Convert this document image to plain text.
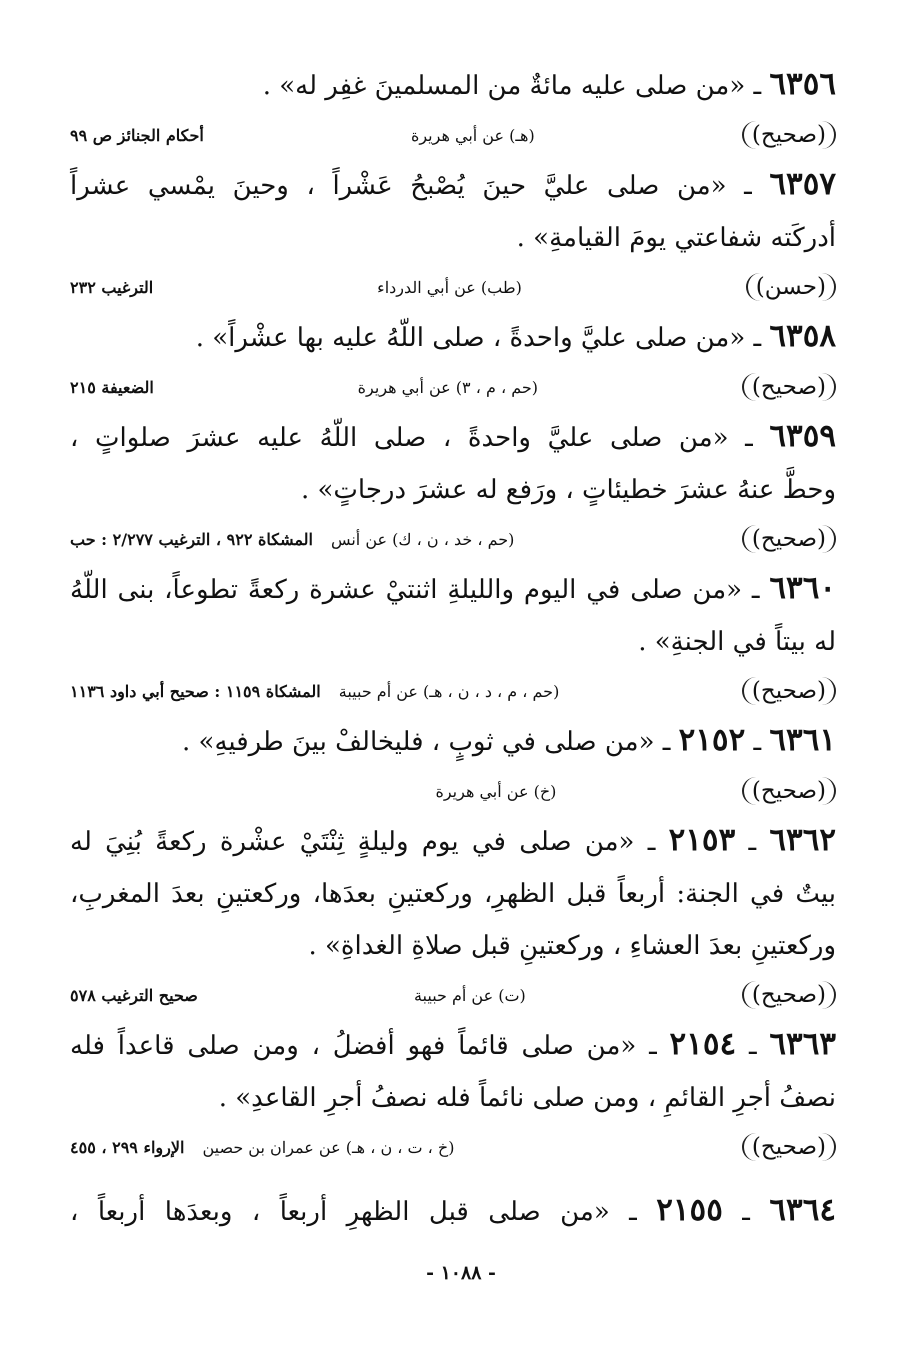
٦٣٥٦ ـ «من صلى عليه مائةٌ من المسلمينَ غفِر له» .
(صحيح)
(هـ) عن أبي هريرة
أحكام الجنائز ص ٩٩
٦٣٥٧ ـ «من صلى عليَّ حينَ يُصْبحُ عَشْراً ، وحينَ يمْسي عشراً
أدركَته شفاعتي يومَ القيامةِ» .
(حسن)
(طب) عن أبي الدرداء
الترغيب ٢٣٢
٦٣٥٨ ـ «من صلى عليَّ واحدةً ، صلى اللّهُ عليه بها عشْراً» .
(صحيح)
(حم ، م ، ٣) عن أبي هريرة
الضعيفة ٢١٥
٦٣٥٩ ـ «من صلى عليَّ واحدةً ، صلى اللّهُ عليه عشرَ صلواتٍ ،
وحطَّ عنهُ عشرَ خطيئاتٍ ، ورَفع له عشرَ درجاتٍ» .
(صحيح)
(حم ، خد ، ن ، ك) عن أنس
المشكاة ٩٢٢ ، الترغيب ٢/٢٧٧ : حب
٦٣٦٠ ـ «من صلى في اليوم والليلةِ اثنتيْ عشرة ركعةً تطوعاً، بنى اللّهُ
له بيتاً في الجنةِ» .
(صحيح)
(حم ، م ، د ، ن ، هـ) عن أم حبيبة
المشكاة ١١٥٩ : صحيح أبي داود ١١٣٦
٦٣٦١ ـ ٢١٥٢ ـ «من صلى في ثوبٍ ، فليخالفْ بينَ طرفيهِ» .
(صحيح)
(خ) عن أبي هريرة
٦٣٦٢ ـ ٢١٥٣ ـ «من صلى في يوم وليلةٍ ثِنْتَيْ عشْرة ركعةً بُنِيَ له
بيتٌ في الجنة: أربعاً قبل الظهرِ، وركعتينِ بعدَها، وركعتينِ بعدَ المغربِ،
وركعتينِ بعدَ العشاءِ ، وركعتينِ قبل صلاةِ الغداةِ» .
(صحيح)
(ت) عن أم حبيبة
صحيح الترغيب ٥٧٨
٦٣٦٣ ـ ٢١٥٤ ـ «من صلى قائماً فهو أفضلُ ، ومن صلى قاعداً فله
نصفُ أجرِ القائمِ ، ومن صلى نائماً فله نصفُ أجرِ القاعدِ» .
(صحيح)
(خ ، ت ، ن ، هـ) عن عمران بن حصين
الإرواء ٢٩٩ ، ٤٥٥
٦٣٦٤ ـ ٢١٥٥ ـ «من صلى قبل الظهرِ أربعاً ، وبعدَها أربعاً ،
- ١٠٨٨ -
